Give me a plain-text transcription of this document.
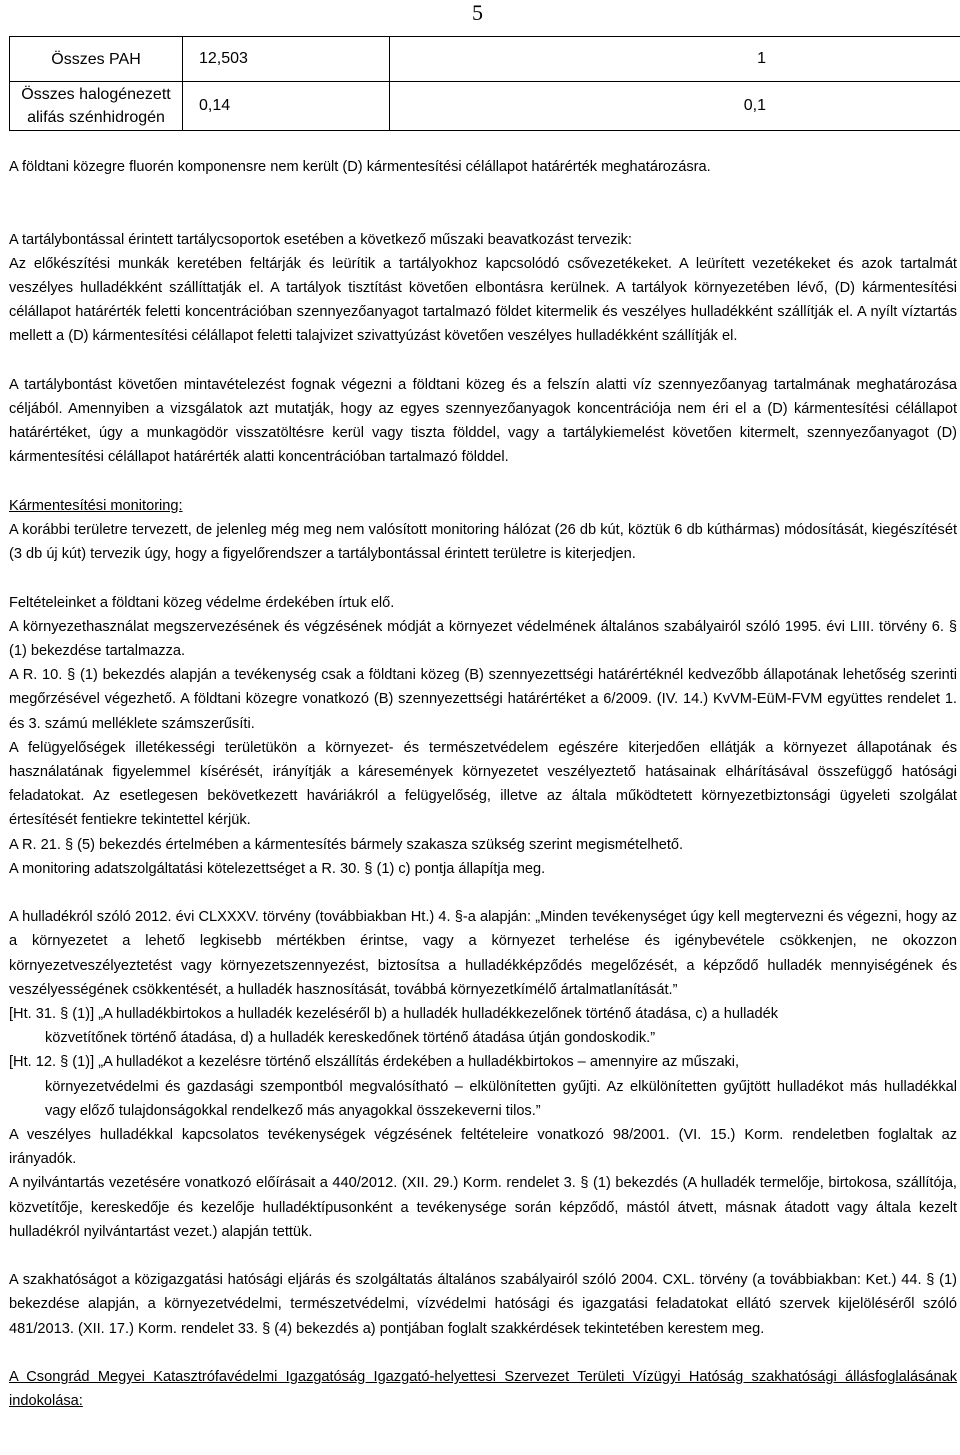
5
Összes PAH	12,503	1
Összes halogénezett alifás szénhidrogén	0,14	0,1

A földtani közegre fluorén komponensre nem került (D) kármentesítési célállapot határérték meghatározásra.

A tartálybontással érintett tartálycsoportok esetében a következő műszaki beavatkozást tervezik:

Az előkészítési munkák keretében feltárják és leürítik a tartályokhoz kapcsolódó csővezetékeket. A leürített vezetékeket és azok tartalmát veszélyes hulladékként szállíttatják el. A tartályok tisztítást követően elbontásra kerülnek. A tartályok környezetében lévő, (D) kármentesítési célállapot határérték feletti koncentrációban szennyezőanyagot tartalmazó földet kitermelik és veszélyes hulladékként szállítják el. A nyílt víztartás mellett a (D) kármentesítési célállapot feletti talajvizet szivattyúzást követően veszélyes hulladékként szállítják el.

A tartálybontást követően mintavételezést fognak végezni a földtani közeg és a felszín alatti víz szennyezőanyag tartalmának meghatározása céljából. Amennyiben a vizsgálatok azt mutatják, hogy az egyes szennyezőanyagok koncentrációja nem éri el a (D) kármentesítési célállapot határértéket, úgy a munkagödör visszatöltésre kerül vagy tiszta földdel, vagy a tartálykiemelést követően kitermelt, szennyezőanyagot (D) kármentesítési célállapot határérték alatti koncentrációban tartalmazó földdel.

Kármentesítési monitoring:

A korábbi területre tervezett, de jelenleg még meg nem valósított monitoring hálózat (26 db kút, köztük 6 db kúthármas) módosítását, kiegészítését (3 db új kút) tervezik úgy, hogy a figyelőrendszer a tartálybontással érintett területre is kiterjedjen.

Feltételeinket a földtani közeg védelme érdekében írtuk elő.

A környezethasználat megszervezésének és végzésének módját a környezet védelmének általános szabályairól szóló 1995. évi LIII. törvény 6. § (1) bekezdése tartalmazza.

A R. 10. § (1) bekezdés alapján a tevékenység csak a földtani közeg (B) szennyezettségi határértéknél kedvezőbb állapotának lehetőség szerinti megőrzésével végezhető. A földtani közegre vonatkozó (B) szennyezettségi határértéket a 6/2009. (IV. 14.) KvVM-EüM-FVM együttes rendelet 1. és 3. számú melléklete számszerűsíti.

A felügyelőségek illetékességi területükön a környezet- és természetvédelem egészére kiterjedően ellátják a környezet állapotának és használatának figyelemmel kísérését, irányítják a káresemények környezetet veszélyeztető hatásainak elhárításával összefüggő hatósági feladatokat. Az esetlegesen bekövetkezett haváriákról a felügyelőség, illetve az általa működtetett környezetbiztonsági ügyeleti szolgálat értesítését fentiekre tekintettel kérjük.

A R. 21. § (5) bekezdés értelmében a kármentesítés bármely szakasza szükség szerint megismételhető.

A monitoring adatszolgáltatási kötelezettséget a R. 30. § (1) c) pontja állapítja meg.

A hulladékról szóló 2012. évi CLXXXV. törvény (továbbiakban Ht.) 4. §-a alapján: „Minden tevékenységet úgy kell megtervezni és végezni, hogy az a környezetet a lehető legkisebb mértékben érintse, vagy a környezet terhelése és igénybevétele csökkenjen, ne okozzon környezetveszélyeztetést vagy környezetszennyezést, biztosítsa a hulladékképződés megelőzését, a képződő hulladék mennyiségének és veszélyességének csökkentését, a hulladék hasznosítását, továbbá környezetkímélő ártalmatlanítását.”

[Ht. 31. § (1)] „A hulladékbirtokos a hulladék kezeléséről b) a hulladék hulladékkezelőnek történő átadása, c) a hulladék

közvetítőnek történő átadása, d) a hulladék kereskedőnek történő átadása útján gondoskodik.”

[Ht. 12. § (1)] „A hulladékot a kezelésre történő elszállítás érdekében a hulladékbirtokos – amennyire az műszaki,

környezetvédelmi és gazdasági szempontból megvalósítható – elkülönítetten gyűjti. Az elkülönítetten gyűjtött hulladékot más hulladékkal vagy előző tulajdonságokkal rendelkező más anyagokkal összekeverni tilos.”

A veszélyes hulladékkal kapcsolatos tevékenységek végzésének feltételeire vonatkozó 98/2001. (VI. 15.) Korm. rendeletben foglaltak az irányadók.

A nyilvántartás vezetésére vonatkozó előírásait a 440/2012. (XII. 29.) Korm. rendelet 3. § (1) bekezdés (A hulladék termelője, birtokosa, szállítója, közvetítője, kereskedője és kezelője hulladéktípusonként a tevékenysége során képződő, mástól átvett, másnak átadott vagy általa kezelt hulladékról nyilvántartást vezet.) alapján tettük.

A szakhatóságot a közigazgatási hatósági eljárás és szolgáltatás általános szabályairól szóló 2004. CXL. törvény (a továbbiakban: Ket.) 44. § (1) bekezdése alapján, a környezetvédelmi, természetvédelmi, vízvédelmi hatósági és igazgatási feladatokat ellátó szervek kijelöléséről szóló 481/2013. (XII. 17.) Korm. rendelet 33. § (4) bekezdés a) pontjában foglalt szakkérdések tekintetében kerestem meg.

A Csongrád Megyei Katasztrófavédelmi Igazgatóság Igazgató-helyettesi Szervezet Területi Vízügyi Hatóság szakhatósági állásfoglalásának indokolása:
